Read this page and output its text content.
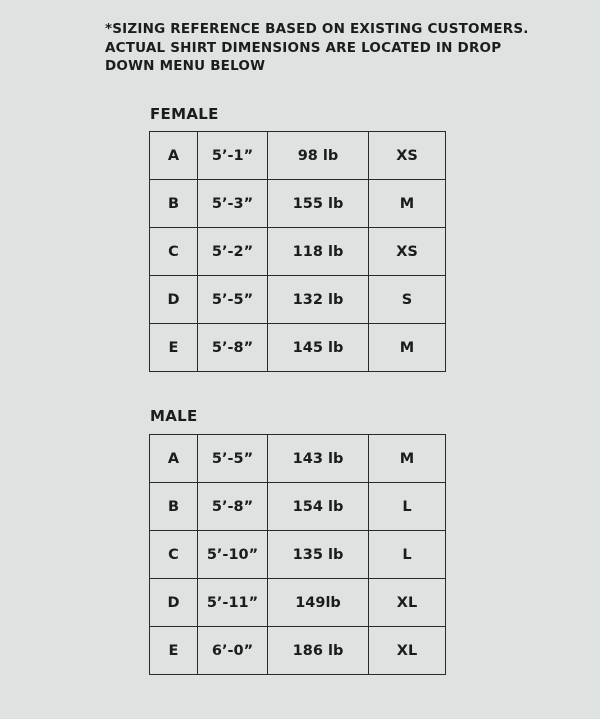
*SIZING REFERENCE BASED ON EXISTING CUSTOMERS.
ACTUAL SHIRT DIMENSIONS ARE LOCATED IN DROP
DOWN MENU BELOW
FEMALE
A	5’-1”	98 lb	XS
B	5’-3”	155 lb	M
C	5’-2”	118 lb	XS
D	5’-5”	132 lb	S
E	5’-8”	145 lb	M
MALE
A	5’-5”	143 lb	M
B	5’-8”	154 lb	L
C	5’-10”	135 lb	L
D	5’-11”	149lb	XL
E	6’-0”	186 lb	XL
